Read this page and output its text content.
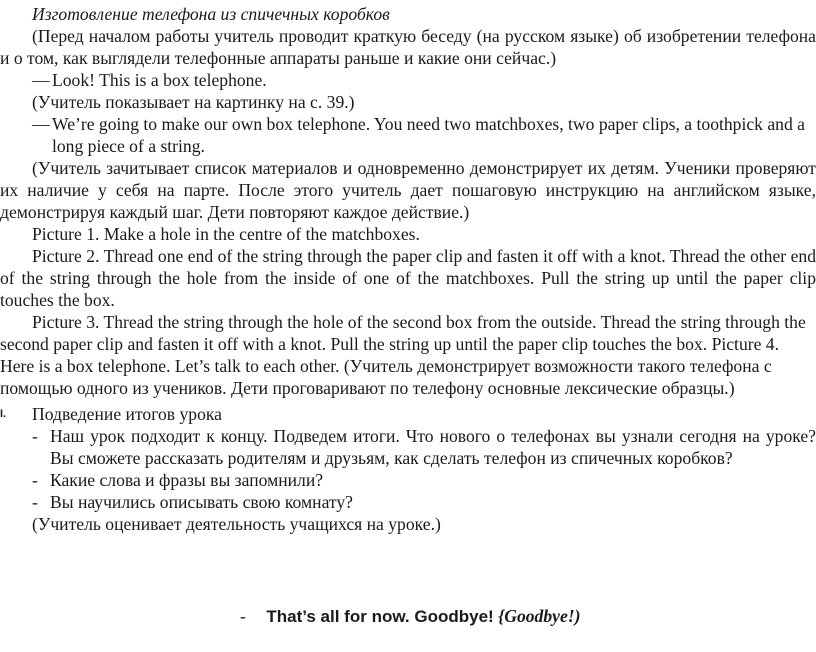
Изготовление телефона из спичечных коробков

(Перед началом работы учитель проводит краткую беседу (на русском языке) об изобретении телефона и о том, как выглядели телефонные аппараты раньше и какие они сейчас.)

— Look! This is a box telephone.

(Учитель показывает на картинку на с. 39.)

— We’re going to make our own box telephone. You need two matchboxes, two paper clips, a toothpick and a long piece of a string.

(Учитель зачитывает список материалов и одновременно демонстрирует их детям. Ученики проверяют их наличие у себя на парте. После этого учитель дает пошаговую инструкцию на английском языке, демонстрируя каждый шаг. Дети повторяют каждое действие.)

Picture 1. Make a hole in the centre of the matchboxes.

Picture 2. Thread one end of the string through the paper clip and fasten it off with a knot. Thread the other end of the string through the hole from the inside of one of the matchboxes. Pull the string up until the paper clip touches the box.

Picture 3. Thread the string through the hole of the second box from the outside. Thread the string through the second paper clip and fasten it off with a knot. Pull the string up until the paper clip touches the box. Picture 4. Here is a box telephone. Let’s talk to each other. (Учитель демонстрирует возможности такого телефона с помощью одного из учеников. Дети проговаривают по телефону основные лексические образцы.)

I.	Подведение итогов урока
- Наш урок подходит к концу. Подведем итоги. Что нового о телефонах вы узнали сегодня на уроке? Вы сможете рассказать родителям и друзьям, как сделать телефон из спичечных коробков?
- Какие слова и фразы вы запомнили?
- Вы научились описывать свою комнату?

(Учитель оценивает деятельность учащихся на уроке.)

- That’s all for now. Goodbye! {Goodbye!)
